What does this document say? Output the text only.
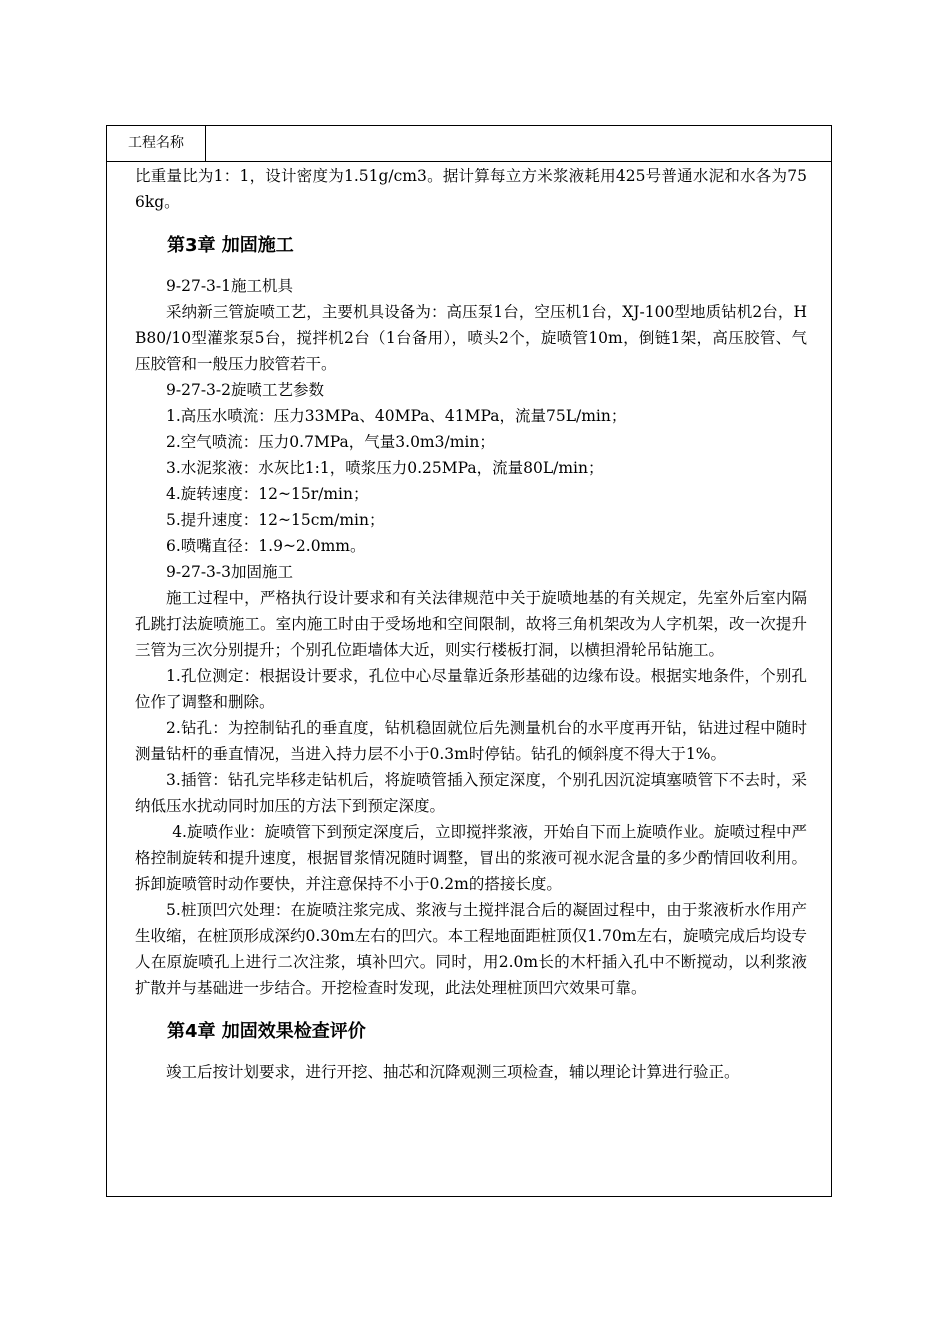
工程名称

比重量比为1：1，设计密度为1.51g/cm3。据计算每立方米浆液耗用425号普通水泥和水各为756kg。

第3章 加固施工

9-27-3-1施工机具

采纳新三管旋喷工艺，主要机具设备为：高压泵1台，空压机1台，XJ-100型地质钻机2台，HB80/10型灌浆泵5台，搅拌机2台（1台备用），喷头2个，旋喷管10m，倒链1架，高压胶管、气压胶管和一般压力胶管若干。

9-27-3-2旋喷工艺参数

1.高压水喷流：压力33MPa、40MPa、41MPa，流量75L/min；

2.空气喷流：压力0.7MPa，气量3.0m3/min；

3.水泥浆液：水灰比1:1，喷浆压力0.25MPa，流量80L/min；

4.旋转速度：12~15r/min；

5.提升速度：12~15cm/min；

6.喷嘴直径：1.9~2.0mm。

9-27-3-3加固施工

施工过程中，严格执行设计要求和有关法律规范中关于旋喷地基的有关规定，先室外后室内隔孔跳打法旋喷施工。室内施工时由于受场地和空间限制，故将三角机架改为人字机架，改一次提升三管为三次分别提升；个别孔位距墙体大近，则实行楼板打洞，以横担滑轮吊钻施工。

1.孔位测定：根据设计要求，孔位中心尽量靠近条形基础的边缘布设。根据实地条件，个别孔位作了调整和删除。

2.钻孔：为控制钻孔的垂直度，钻机稳固就位后先测量机台的水平度再开钻，钻进过程中随时测量钻杆的垂直情况，当进入持力层不小于0.3m时停钻。钻孔的倾斜度不得大于1%。

3.插管：钻孔完毕移走钻机后，将旋喷管插入预定深度，个别孔因沉淀填塞喷管下不去时，采纳低压水扰动同时加压的方法下到预定深度。

4.旋喷作业：旋喷管下到预定深度后，立即搅拌浆液，开始自下而上旋喷作业。旋喷过程中严格控制旋转和提升速度，根据冒浆情况随时调整，冒出的浆液可视水泥含量的多少酌情回收利用。拆卸旋喷管时动作要快，并注意保持不小于0.2m的搭接长度。

5.桩顶凹穴处理：在旋喷注浆完成、浆液与土搅拌混合后的凝固过程中，由于浆液析水作用产生收缩，在桩顶形成深约0.30m左右的凹穴。本工程地面距桩顶仅1.70m左右，旋喷完成后均设专人在原旋喷孔上进行二次注浆，填补凹穴。同时，用2.0m长的木杆插入孔中不断搅动，以利浆液扩散并与基础进一步结合。开挖检查时发现，此法处理桩顶凹穴效果可靠。

第4章 加固效果检查评价

竣工后按计划要求，进行开挖、抽芯和沉降观测三项检查，辅以理论计算进行验正。
